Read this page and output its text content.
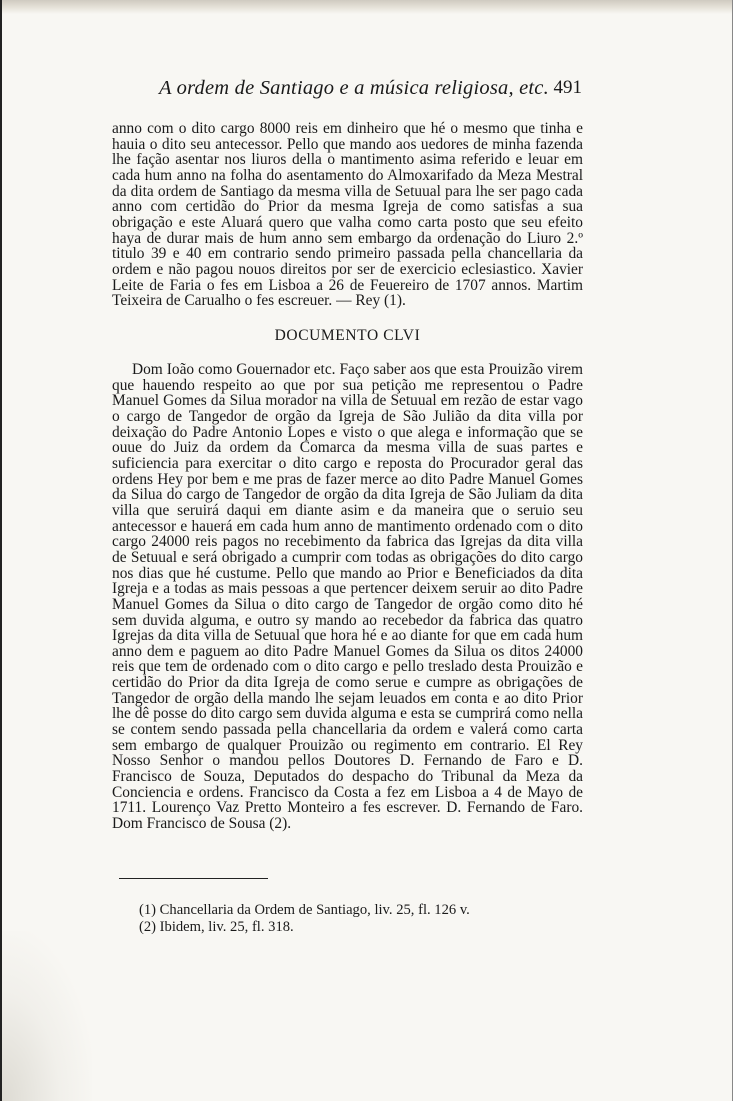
A ordem de Santiago e a música religiosa, etc. 491

anno com o dito cargo 8000 reis em dinheiro que hé o mesmo que tinha e hauia o dito seu antecessor. Pello que mando aos uedores de minha fazenda lhe fação asentar nos liuros della o mantimento asima referido e leuar em cada hum anno na folha do asentamento do Almoxarifado da Meza Mestral da dita ordem de Santiago da mesma villa de Setuual para lhe ser pago cada anno com certidão do Prior da mesma Igreja de como satisfas a sua obrigação e este Aluará quero que valha como carta posto que seu efeito haya de durar mais de hum anno sem embargo da ordenação do Liuro 2.º titulo 39 e 40 em contrario sendo primeiro passada pella chancellaria da ordem e não pagou nouos direitos por ser de exercicio eclesiastico. Xavier Leite de Faria o fes em Lisboa a 26 de Feuereiro de 1707 annos. Martim Teixeira de Carualho o fes escreuer. — Rey (1).

DOCUMENTO CLVI

Dom Ioão como Gouernador etc. Faço saber aos que esta Prouizão virem que hauendo respeito ao que por sua petição me representou o Padre Manuel Gomes da Silua morador na villa de Setuual em rezão de estar vago o cargo de Tangedor de orgão da Igreja de São Julião da dita villa por deixação do Padre Antonio Lopes e visto o que alega e informação que se ouue do Juiz da ordem da Comarca da mesma villa de suas partes e suficiencia para exercitar o dito cargo e reposta do Procurador geral das ordens Hey por bem e me pras de fazer merce ao dito Padre Manuel Gomes da Silua do cargo de Tangedor de orgão da dita Igreja de São Juliam da dita villa que seruirá daqui em diante asim e da maneira que o seruio seu antecessor e hauerá em cada hum anno de mantimento ordenado com o dito cargo 24000 reis pagos no recebimento da fabrica das Igrejas da dita villa de Setuual e será obrigado a cumprir com todas as obrigações do dito cargo nos dias que hé custume. Pello que mando ao Prior e Beneficiados da dita Igreja e a todas as mais pessoas a que pertencer deixem seruir ao dito Padre Manuel Gomes da Silua o dito cargo de Tangedor de orgão como dito hé sem duvida alguma, e outro sy mando ao recebedor da fabrica das quatro Igrejas da dita villa de Setuual que hora hé e ao diante for que em cada hum anno dem e paguem ao dito Padre Manuel Gomes da Silua os ditos 24000 reis que tem de ordenado com o dito cargo e pello treslado desta Prouizão e certidão do Prior da dita Igreja de como serue e cumpre as obrigações de Tangedor de orgão della mando lhe sejam leuados em conta e ao dito Prior lhe dê posse do dito cargo sem duvida alguma e esta se cumprirá como nella se contem sendo passada pella chancellaria da ordem e valerá como carta sem embargo de qualquer Prouizão ou regimento em contrario. El Rey Nosso Senhor o mandou pellos Doutores D. Fernando de Faro e D. Francisco de Souza, Deputados do despacho do Tribunal da Meza da Conciencia e ordens. Francisco da Costa a fez em Lisboa a 4 de Mayo de 1711. Lourenço Vaz Pretto Monteiro a fes escrever. D. Fernando de Faro. Dom Francisco de Sousa (2).

(1) Chancellaria da Ordem de Santiago, liv. 25, fl. 126 v.
(2) Ibidem, liv. 25, fl. 318.
